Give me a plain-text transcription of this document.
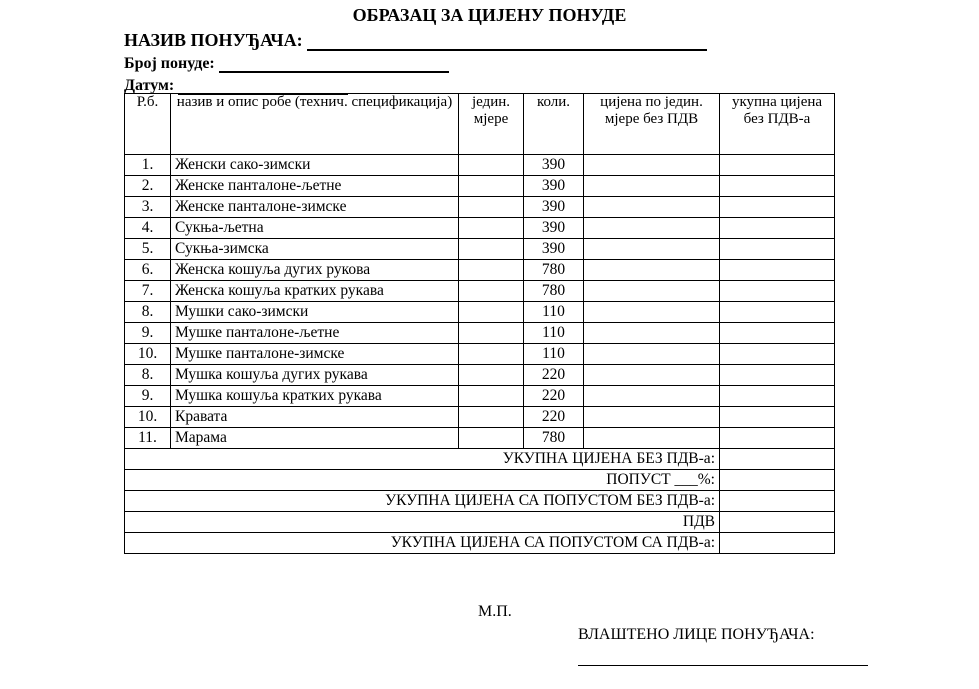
ОБРАЗАЦ ЗА ЦИЈЕНУ ПОНУДЕ
НАЗИВ ПОНУЂАЧА:
Број понуде:
Датум:
Р.б.	назив и опис робе (технич. спецификација)	једин. мјере	коли.	цијена по једин. мјере без ПДВ	укупна цијена без ПДВ-а
1.	Женски сако-зимски		390		
2.	Женске панталоне-љетне		390		
3.	Женске панталоне-зимске		390		
4.	Сукња-љетна		390		
5.	Сукња-зимска		390		
6.	Женска кошуља дугих рукова		780		
7.	Женска кошуља кратких рукава		780		
8.	Мушки сако-зимски		110		
9.	Мушке панталоне-љетне		110		
10.	Мушке панталоне-зимске		110		
8.	Мушка кошуља дугих рукава		220		
9.	Мушка кошуља кратких рукава		220		
10.	Кравата		220		
11.	Марама		780		
УКУПНА ЦИЈЕНА БЕЗ ПДВ-а:					
ПОПУСТ ___%:					
УКУПНА ЦИЈЕНА СА ПОПУСТОМ БЕЗ ПДВ-а:					
ПДВ					
УКУПНА ЦИЈЕНА СА ПОПУСТОМ СА ПДВ-а:					
М.П.
ВЛАШТЕНО ЛИЦЕ ПОНУЂАЧА:
